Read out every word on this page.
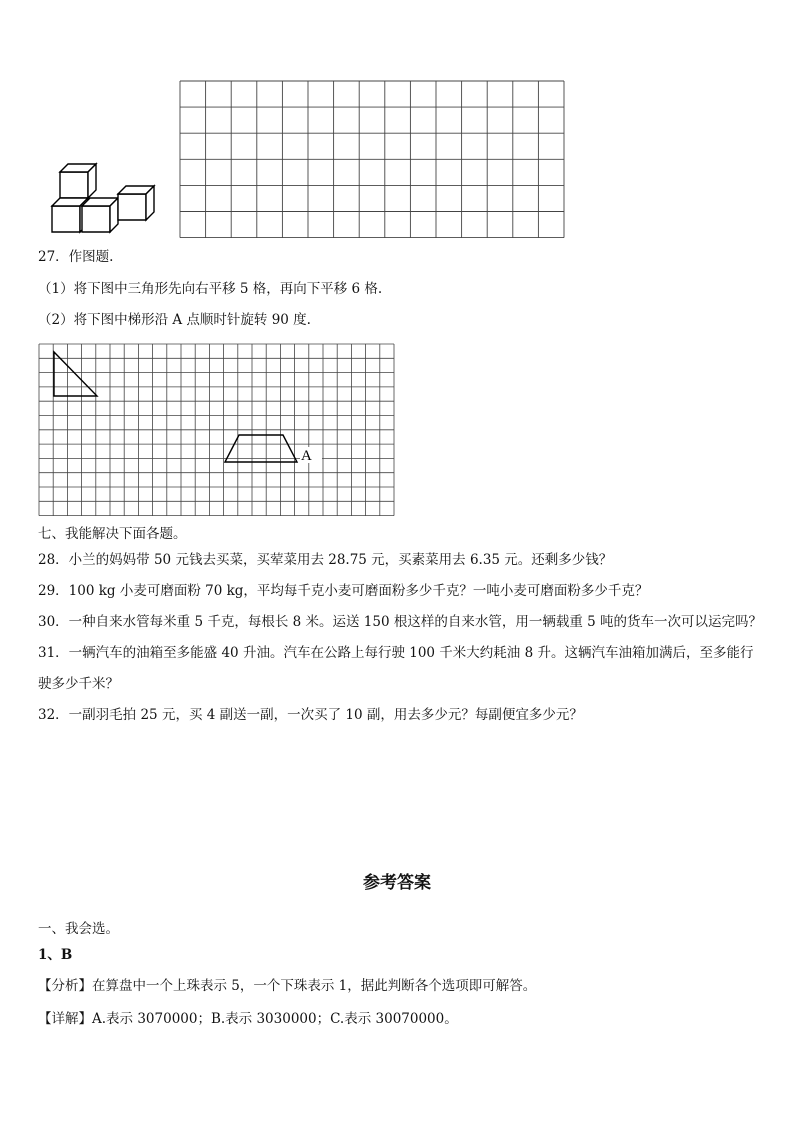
27．作图题.
（1）将下图中三角形先向右平移 5 格，再向下平移 6 格.
（2）将下图中梯形沿 A 点顺时针旋转 90 度.
A
七、我能解决下面各题。
28．小兰的妈妈带 50 元钱去买菜，买荤菜用去 28.75 元，买素菜用去 6.35 元。还剩多少钱？
29．100 kg 小麦可磨面粉 70 kg，平均每千克小麦可磨面粉多少千克？一吨小麦可磨面粉多少千克？
30．一种自来水管每米重 5 千克，每根长 8 米。运送 150 根这样的自来水管，用一辆载重 5 吨的货车一次可以运完吗？
31．一辆汽车的油箱至多能盛 40 升油。汽车在公路上每行驶 100 千米大约耗油 8 升。这辆汽车油箱加满后，至多能行
驶多少千米？
32．一副羽毛拍 25 元，买 4 副送一副，一次买了 10 副，用去多少元？每副便宜多少元？
参考答案
一、我会选。
1、B
【分析】在算盘中一个上珠表示 5，一个下珠表示 1，据此判断各个选项即可解答。
【详解】A.表示 3070000；B.表示 3030000；C.表示 30070000。
